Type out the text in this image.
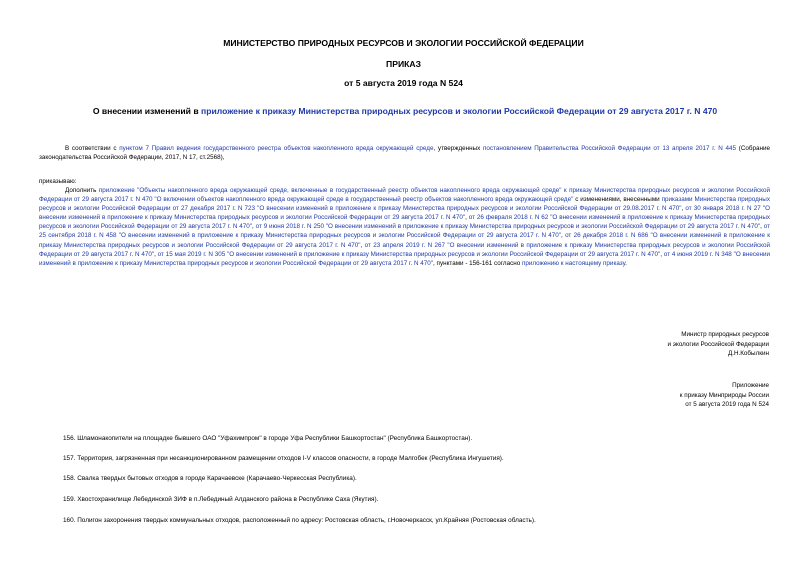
МИНИСТЕРСТВО ПРИРОДНЫХ РЕСУРСОВ И ЭКОЛОГИИ РОССИЙСКОЙ ФЕДЕРАЦИИ
ПРИКАЗ
от 5 августа 2019 года N 524
О внесении изменений в приложение к приказу Министерства природных ресурсов и экологии Российской Федерации от 29 августа 2017 г. N 470
В соответствии с пунктом 7 Правил ведения государственного реестра объектов накопленного вреда окружающей среде, утвержденных постановлением Правительства Российской Федерации от 13 апреля 2017 г. N 445 (Собрание законодательства Российской Федерации, 2017, N 17, ст.2568),
приказываю:
Дополнить приложение "Объекты накопленного вреда окружающей среде, включенные в государственный реестр объектов накопленного вреда окружающей среде" к приказу Министерства природных ресурсов и экологии Российской Федерации от 29 августа 2017 г. N 470 "О включении объектов накопленного вреда окружающей среде в государственный реестр объектов накопленного вреда окружающей среде" с изменениями, внесенными приказами Министерства природных ресурсов и экологии Российской Федерации от 27 декабря 2017 г. N 723 "О внесении изменений в приложение к приказу Министерства природных ресурсов и экологии Российской Федерации от 29.08.2017 г. N 470", от 30 января 2018 г. N 27 "О внесении изменений в приложение к приказу Министерства природных ресурсов и экологии Российской Федерации от 29 августа 2017 г. N 470", от 26 февраля 2018 г. N 62 "О внесении изменений в приложение к приказу Министерства природных ресурсов и экологии Российской Федерации от 29 августа 2017 г. N 470", от 9 июня 2018 г. N 250 "О внесении изменений в приложение к приказу Министерства природных ресурсов и экологии Российской Федерации от 29 августа 2017 г. N 470", от 25 сентября 2018 г. N 458 "О внесении изменений в приложение к приказу Министерства природных ресурсов и экологии Российской Федерации от 29 августа 2017 г. N 470", от 26 декабря 2018 г. N 686 "О внесении изменений в приложение к приказу Министерства природных ресурсов и экологии Российской Федерации от 29 августа 2017 г. N 470", от 23 апреля 2019 г. N 267 "О внесении изменений в приложение к приказу Министерства природных ресурсов и экологии Российской Федерации от 29 августа 2017 г. N 470", от 15 мая 2019 г. N 305 "О внесении изменений в приложение к приказу Министерства природных ресурсов и экологии Российской Федерации от 29 августа 2017 г. N 470", от 4 июня 2019 г. N 348 "О внесении изменений в приложение к приказу Министерства природных ресурсов и экологии Российской Федерации от 29 августа 2017 г. N 470", пунктами - 156-161 согласно приложению к настоящему приказу.
Министр природных ресурсов
и экологии Российской Федерации
Д.Н.Кобылкин
Приложение
к приказу Минприроды России
от 5 августа 2019 года N 524
156. Шламонакопители на площадке бывшего ОАО "Уфахимпром" в городе Уфа Республики Башкортостан" (Республика Башкортостан).
157. Территория, загрязненная при несанкционированном размещении отходов I-V классов опасности, в городе Малгобек (Республика Ингушетия).
158. Свалка твердых бытовых отходов в городе Карачаевске (Карачаево-Черкесская Республика).
159. Хвостохранилище Лебединской ЗИФ в п.Лебединый Алданского района в Республике Саха (Якутия).
160. Полигон захоронения твердых коммунальных отходов, расположенный по адресу: Ростовская область, г.Новочеркасск, ул.Крайняя (Ростовская область).
